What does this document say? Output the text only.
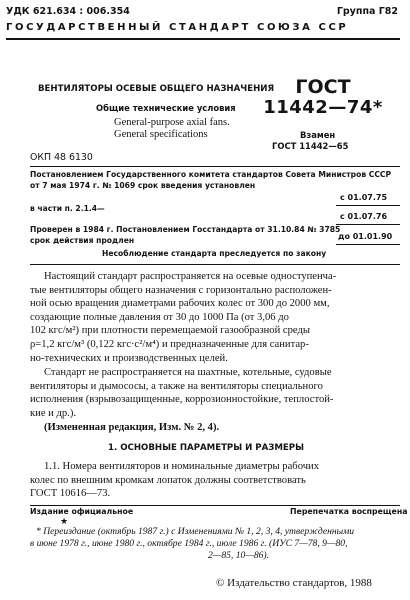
УДК 621.634 : 006.354	Группа Г82
ГОСУДАРСТВЕННЫЙ СТАНДАРТ СОЮЗА ССР
ВЕНТИЛЯТОРЫ ОСЕВЫЕ ОБЩЕГО НАЗНАЧЕНИЯ
Общие технические условия
General-purpose axial fans.
General specifications
ГОСТ
11442—74*
Взамен
ГОСТ 11442—65
ОКП 48 6130
Постановлением Государственного комитета стандартов Совета Министров СССР
от 7 мая 1974 г. № 1069 срок введения установлен
с 01.07.75
в части п. 2.1.4—
с 01.07.76
Проверен в 1984 г. Постановлением Госстандарта от 31.10.84 № 3785
срок действия продлен	до 01.01.90
Несоблюдение стандарта преследуется по закону
Настоящий стандарт распространяется на осевые одноступенча-
тые вентиляторы общего назначения с горизонтально расположен-
ной осью вращения диаметрами рабочих колес от 300 до 2000 мм,
создающие полные давления от 30 до 1000 Па (от 3,06 до
102 кгс/м²) при плотности перемещаемой газообразной среды
ρ=1,2 кгс/м³ (0,122 кгс·с²/м⁴) и предназначенные для санитар-
но-технических и производственных целей.
Стандарт не распространяется на шахтные, котельные, судовые
вентиляторы и дымососы, а также на вентиляторы специального
исполнения (взрывозащищенные, коррозионностойкие, теплостой-
кие и др.).
(Измененная редакция, Изм. № 2, 4).
1. ОСНОВНЫЕ ПАРАМЕТРЫ И РАЗМЕРЫ
1.1. Номера вентиляторов и номинальные диаметры рабочих
колес по внешним кромкам лопаток должны соответствовать
ГОСТ 10616—73.
Издание официальное	Перепечатка воспрещена
★
* Переиздание (октябрь 1987 г.) с Изменениями № 1, 2, 3, 4, утвержденными
в июне 1978 г., июне 1980 г., октябре 1984 г., июле 1986 г. (ИУС 7—78, 9—80,
2—85, 10—86).
© Издательство стандартов, 1988
